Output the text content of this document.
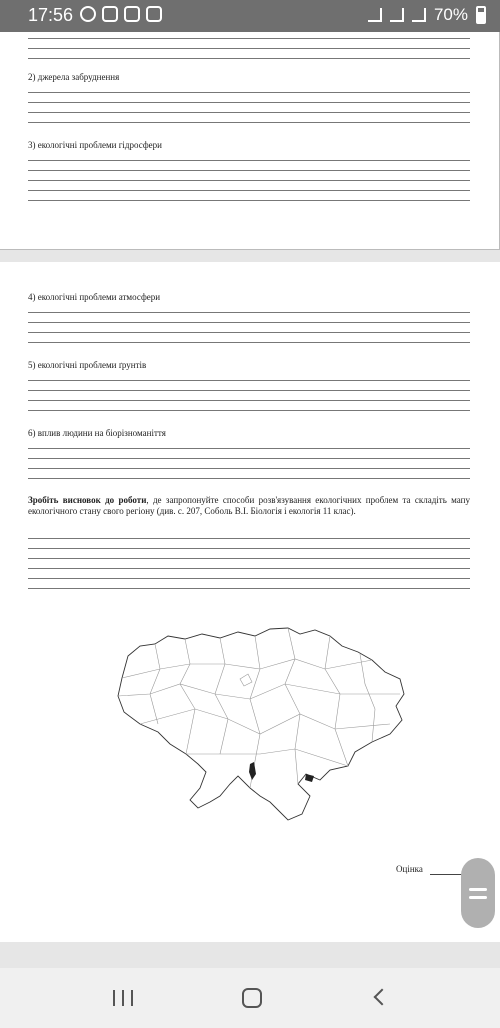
17:56	70%
2) джерела забруднення
3) екологічні проблеми гідросфери
4) екологічні проблеми атмосфери
5) екологічні проблеми ґрунтів
6) вплив людини на біорізноманіття
Зробіть висновок до роботи, де запропонуйте способи розв'язування екологічних проблем та складіть мапу екологічного стану свого регіону (див. с. 207, Соболь В.І. Біологія і екологія 11 клас).
Оцінка
